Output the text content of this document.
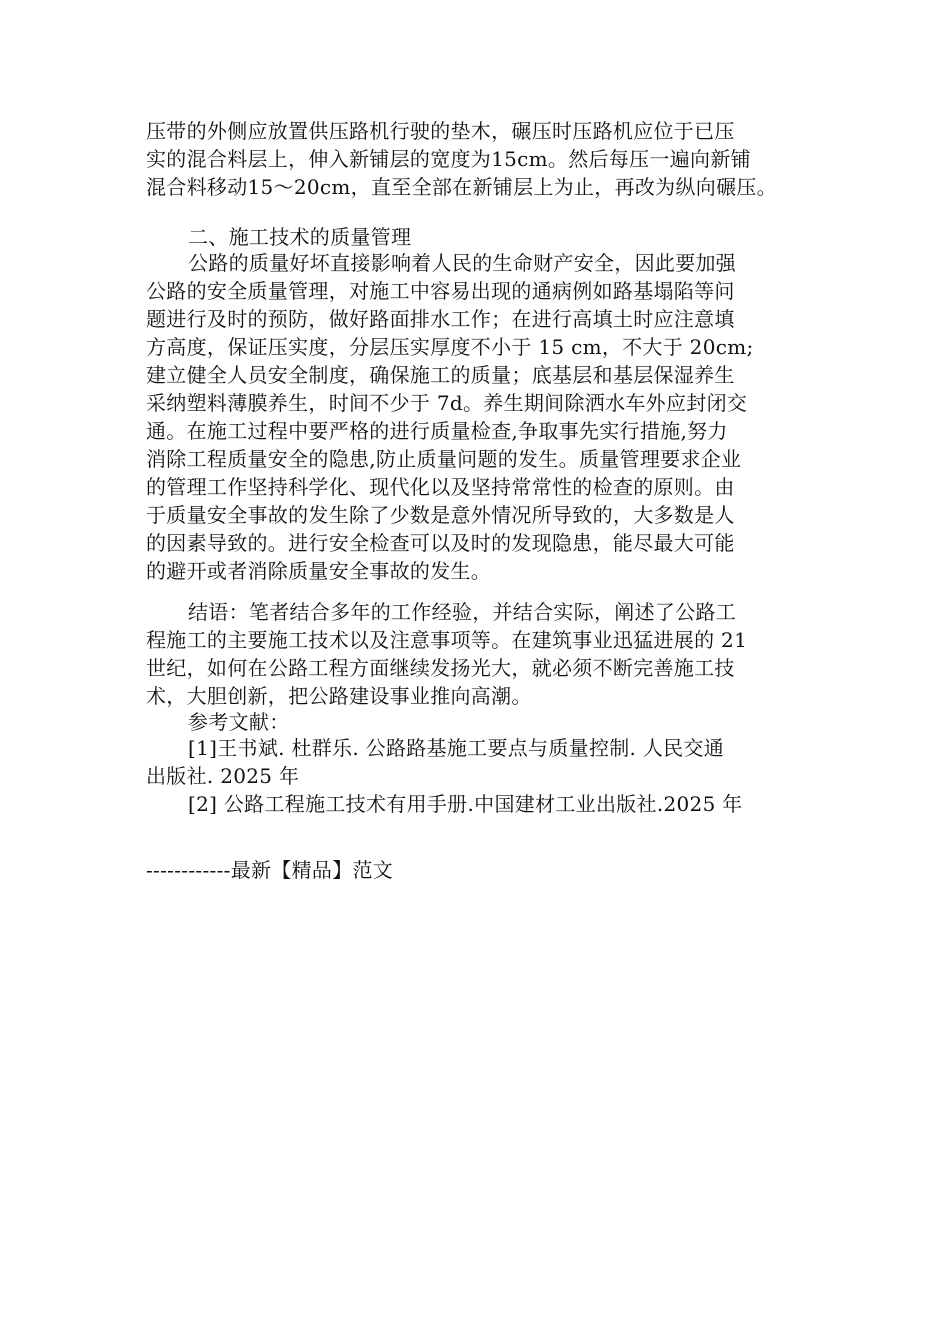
压带的外侧应放置供压路机行驶的垫木，碾压时压路机应位于已压
实的混合料层上，伸入新铺层的宽度为15cm。然后每压一遍向新铺
混合料移动15～20cm，直至全部在新铺层上为止，再改为纵向碾压。
二、施工技术的质量管理
公路的质量好坏直接影响着人民的生命财产安全，因此要加强
公路的安全质量管理，对施工中容易出现的通病例如路基塌陷等问
题进行及时的预防，做好路面排水工作；在进行高填土时应注意填
方高度，保证压实度，分层压实厚度不小于 15 cm，不大于 20cm;
建立健全人员安全制度，确保施工的质量；底基层和基层保湿养生
采纳塑料薄膜养生，时间不少于 7d。养生期间除洒水车外应封闭交
通。在施工过程中要严格的进行质量检查,争取事先实行措施,努力
消除工程质量安全的隐患,防止质量问题的发生。质量管理要求企业
的管理工作坚持科学化、现代化以及坚持常常性的检查的原则。由
于质量安全事故的发生除了少数是意外情况所导致的，大多数是人
的因素导致的。进行安全检查可以及时的发现隐患，能尽最大可能
的避开或者消除质量安全事故的发生。
结语：笔者结合多年的工作经验，并结合实际，阐述了公路工
程施工的主要施工技术以及注意事项等。在建筑事业迅猛进展的 21
世纪，如何在公路工程方面继续发扬光大，就必须不断完善施工技
术，大胆创新，把公路建设事业推向高潮。
参考文献：
[1]王书斌. 杜群乐. 公路路基施工要点与质量控制. 人民交通
出版社. 2025 年
[2] 公路工程施工技术有用手册.中国建材工业出版社.2025 年
------------最新【精品】范文
